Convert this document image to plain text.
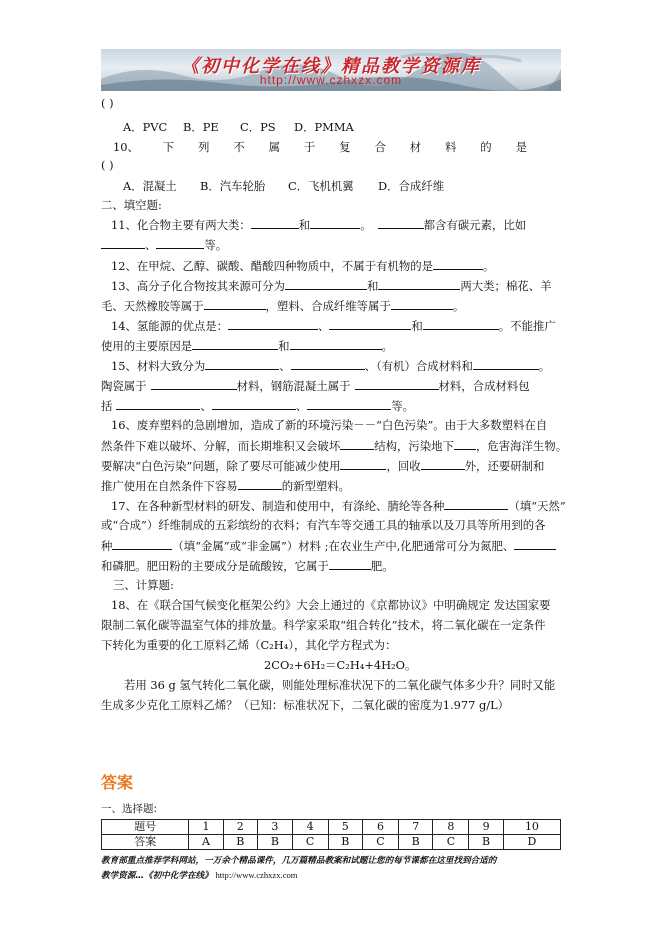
《初中化学在线》精品教学资源库
http://www.czhxzx.com
( )
A．PVC B．PE C．PS D．PMMA
10、 下 列 不 属 于 复 合 材 料 的 是
( )
A．混凝土 B．汽车轮胎 C．飞机机翼 D．合成纤维
二、填空题:
11、化合物主要有两大类：	和	。	都含有碳元素，比如
、	等。
12、在甲烷、乙醇、碳酸、醋酸四种物质中，不属于有机物的是	。
13、高分子化合物按其来源可分为	和	两大类；棉花、羊
毛、天然橡胶等属于	，塑料、合成纤维等属于	。
14、氢能源的优点是：	、	和	。不能推广
使用的主要原因是	和	。
15、材料大致分为	、	、（有机）合成材料和	。
陶瓷属于	材料，钢筋混凝土属于	材料，合成材料包
括	、	、	等。
16、废弃塑料的急剧增加，造成了新的环境污染－－“白色污染”。由于大多数塑料在自
然条件下难以破坏、分解，而长期堆积又会破坏	结构，污染地下 ，危害海洋生物。
要解决“白色污染”问题，除了要尽可能减少使用	，回收	外，还要研制和
推广使用在自然条件下容易	的新型塑料。
17、在各种新型材料的研发、制造和使用中，有涤纶、腈纶等各种	（填“天然”
或“合成”）纤维制成的五彩缤纷的衣料；有汽车等交通工具的轴承以及刀具等所用到的各
种	（填“金属”或“非金属”）材料 ;在农业生产中,化肥通常可分为氮肥、
和磷肥。肥田粉的主要成分是硫酸铵，它属于	肥。
三、计算题:
18、在《联合国气候变化框架公约》大会上通过的《京都协议》中明确规定 发达国家要
限制二氧化碳等温室气体的排放量。科学家采取“组合转化”技术，将二氧化碳在一定条件
下转化为重要的化工原料乙烯（C₂H₄），其化学方程式为：
2CO₂+6H₂＝C₂H₄+4H₂O。
若用 36 g 氢气转化二氧化碳，则能处理标准状况下的二氧化碳气体多少升？同时又能
生成多少克化工原料乙烯？（已知：标准状况下，二氧化碳的密度为1.977 g/L）
答案
一、选择题:
题号	1	2	3	4	5	6	7	8	9	10
答案	A	B	B	C	B	C	B	C	B	D
教育部重点推荐学科网站，一万余个精品课件，几万篇精品教案和试题让您的每节课都在这里找到合适的
教学资源…《初中化学在线》 http://www.czhxzx.com
